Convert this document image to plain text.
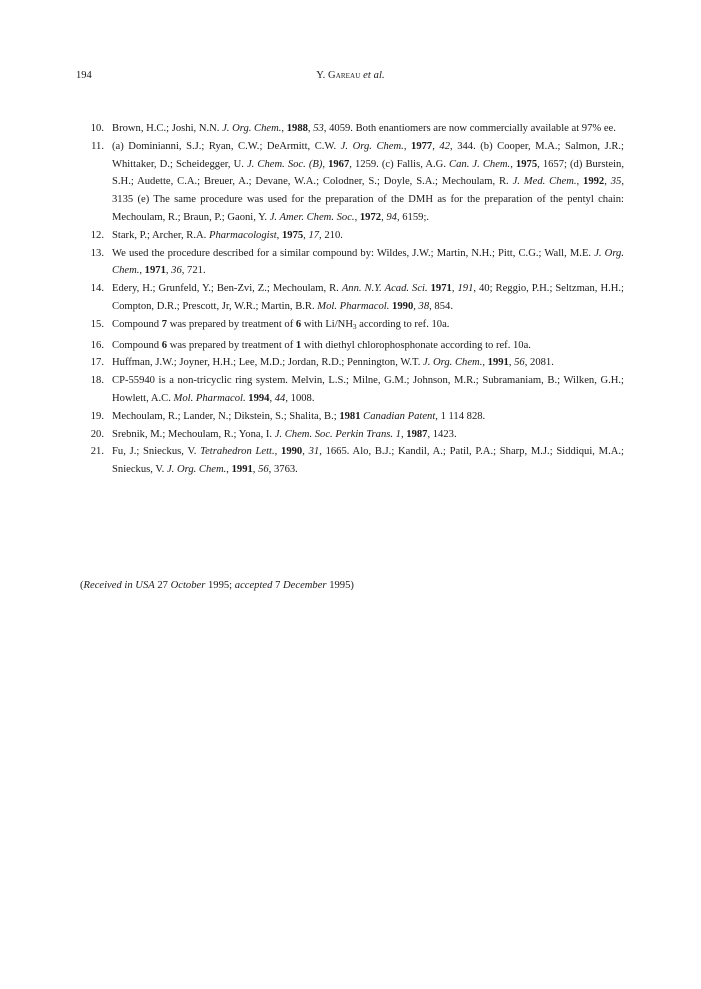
194	Y. Gareau et al.
10. Brown, H.C.; Joshi, N.N. J. Org. Chem., 1988, 53, 4059. Both enantiomers are now commercially available at 97% ee.
11. (a) Dominianni, S.J.; Ryan, C.W.; DeArmitt, C.W. J. Org. Chem., 1977, 42, 344. (b) Cooper, M.A.; Salmon, J.R.; Whittaker, D.; Scheidegger, U. J. Chem. Soc. (B), 1967, 1259. (c) Fallis, A.G. Can. J. Chem., 1975, 1657; (d) Burstein, S.H.; Audette, C.A.; Breuer, A.; Devane, W.A.; Colodner, S.; Doyle, S.A.; Mechoulam, R. J. Med. Chem., 1992, 35, 3135 (e) The same procedure was used for the preparation of the DMH as for the preparation of the pentyl chain: Mechoulam, R.; Braun, P.; Gaoni, Y. J. Amer. Chem. Soc., 1972, 94, 6159;.
12. Stark, P.; Archer, R.A. Pharmacologist, 1975, 17, 210.
13. We used the procedure described for a similar compound by: Wildes, J.W.; Martin, N.H.; Pitt, C.G.; Wall, M.E. J. Org. Chem., 1971, 36, 721.
14. Edery, H.; Grunfeld, Y.; Ben-Zvi, Z.; Mechoulam, R. Ann. N.Y. Acad. Sci. 1971, 191, 40; Reggio, P.H.; Seltzman, H.H.; Compton, D.R.; Prescott, Jr, W.R.; Martin, B.R. Mol. Pharmacol. 1990, 38, 854.
15. Compound 7 was prepared by treatment of 6 with $Li/NH_3$ according to ref. 10a.
16. Compound 6 was prepared by treatment of 1 with diethyl chlorophosphonate according to ref. 10a.
17. Huffman, J.W.; Joyner, H.H.; Lee, M.D.; Jordan, R.D.; Pennington, W.T. J. Org. Chem., 1991, 56, 2081.
18. CP-55940 is a non-tricyclic ring system. Melvin, L.S.; Milne, G.M.; Johnson, M.R.; Subramaniam, B.; Wilken, G.H.; Howlett, A.C. Mol. Pharmacol. 1994, 44, 1008.
19. Mechoulam, R.; Lander, N.; Dikstein, S.; Shalita, B.; 1981 Canadian Patent, 1 114 828.
20. Srebnik, M.; Mechoulam, R.; Yona, I. J. Chem. Soc. Perkin Trans. 1, 1987, 1423.
21. Fu, J.; Snieckus, V. Tetrahedron Lett., 1990, 31, 1665. Alo, B.J.; Kandil, A.; Patil, P.A.; Sharp, M.J.; Siddiqui, M.A.; Snieckus, V. J. Org. Chem., 1991, 56, 3763.
(Received in USA 27 October 1995; accepted 7 December 1995)
